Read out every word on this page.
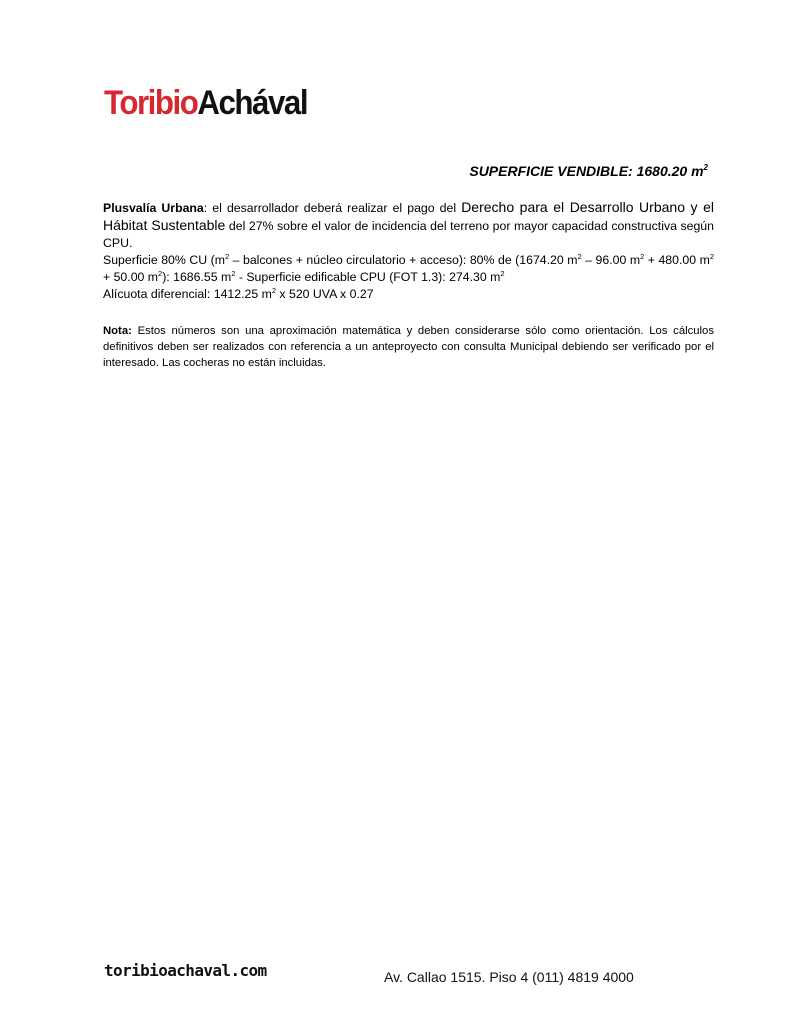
ToribioAchával
SUPERFICIE VENDIBLE: 1680.20 $m^2$

Plusvalía Urbana: el desarrollador deberá realizar el pago del Derecho para el Desarrollo Urbano y el Hábitat Sustentable del 27% sobre el valor de incidencia del terreno por mayor capacidad constructiva según CPU.

Superficie 80% CU ($m^2$ – balcones + núcleo circulatorio + acceso): 80% de (1674.20 $m^2 - 96.00$ $m^2 + 480.00$ $m^2 + 50.00$ $m^2$): 1686.55 $m^2$ - Superficie edificable CPU (FOT 1.3): 274.30 $m^2$

Alícuota diferencial: 1412.25 $m^2$ x 520 UVA x 0.27

Nota: Estos números son una aproximación matemática y deben considerarse sólo como orientación. Los cálculos definitivos deben ser realizados con referencia a un anteproyecto con consulta Municipal debiendo ser verificado por el interesado. Las cocheras no están incluidas.

toribioachaval.com	Av. Callao 1515. Piso 4 (011) 4819 4000
